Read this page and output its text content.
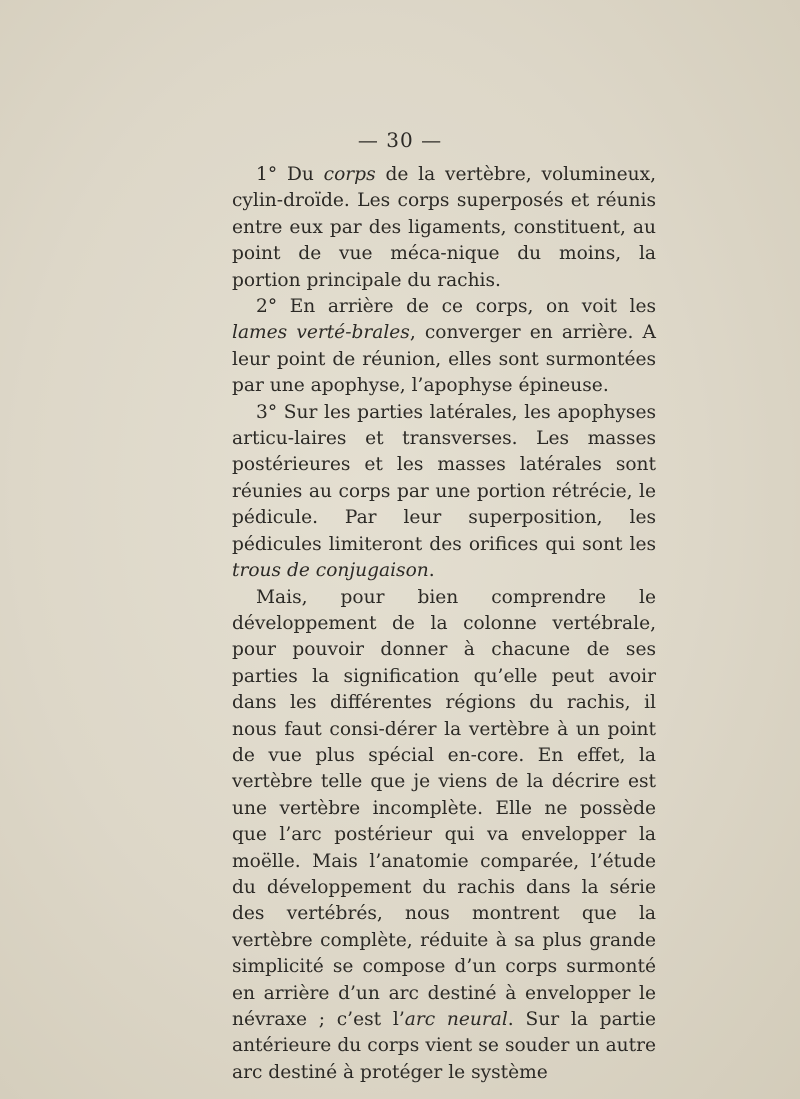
— 30 —

1° Du corps de la vertèbre, volumineux, cylin-droïde. Les corps superposés et réunis entre eux par des ligaments, constituent, au point de vue méca-nique du moins, la portion principale du rachis.

2° En arrière de ce corps, on voit les lames verté-brales, converger en arrière. A leur point de réunion, elles sont surmontées par une apophyse, l’apophyse épineuse.

3° Sur les parties latérales, les apophyses articu-laires et transverses. Les masses postérieures et les masses latérales sont réunies au corps par une portion rétrécie, le pédicule. Par leur superposition, les pédicules limiteront des orifices qui sont les trous de conjugaison.

Mais, pour bien comprendre le développement de la colonne vertébrale, pour pouvoir donner à chacune de ses parties la signification qu’elle peut avoir dans les différentes régions du rachis, il nous faut consi-dérer la vertèbre à un point de vue plus spécial en-core. En effet, la vertèbre telle que je viens de la décrire est une vertèbre incomplète. Elle ne possède que l’arc postérieur qui va envelopper la moëlle. Mais l’anatomie comparée, l’étude du développement du rachis dans la série des vertébrés, nous montrent que la vertèbre complète, réduite à sa plus grande simplicité se compose d’un corps surmonté en arrière d’un arc destiné à envelopper le névraxe ; c’est l’arc neural. Sur la partie antérieure du corps vient se souder un autre arc destiné à protéger le système
